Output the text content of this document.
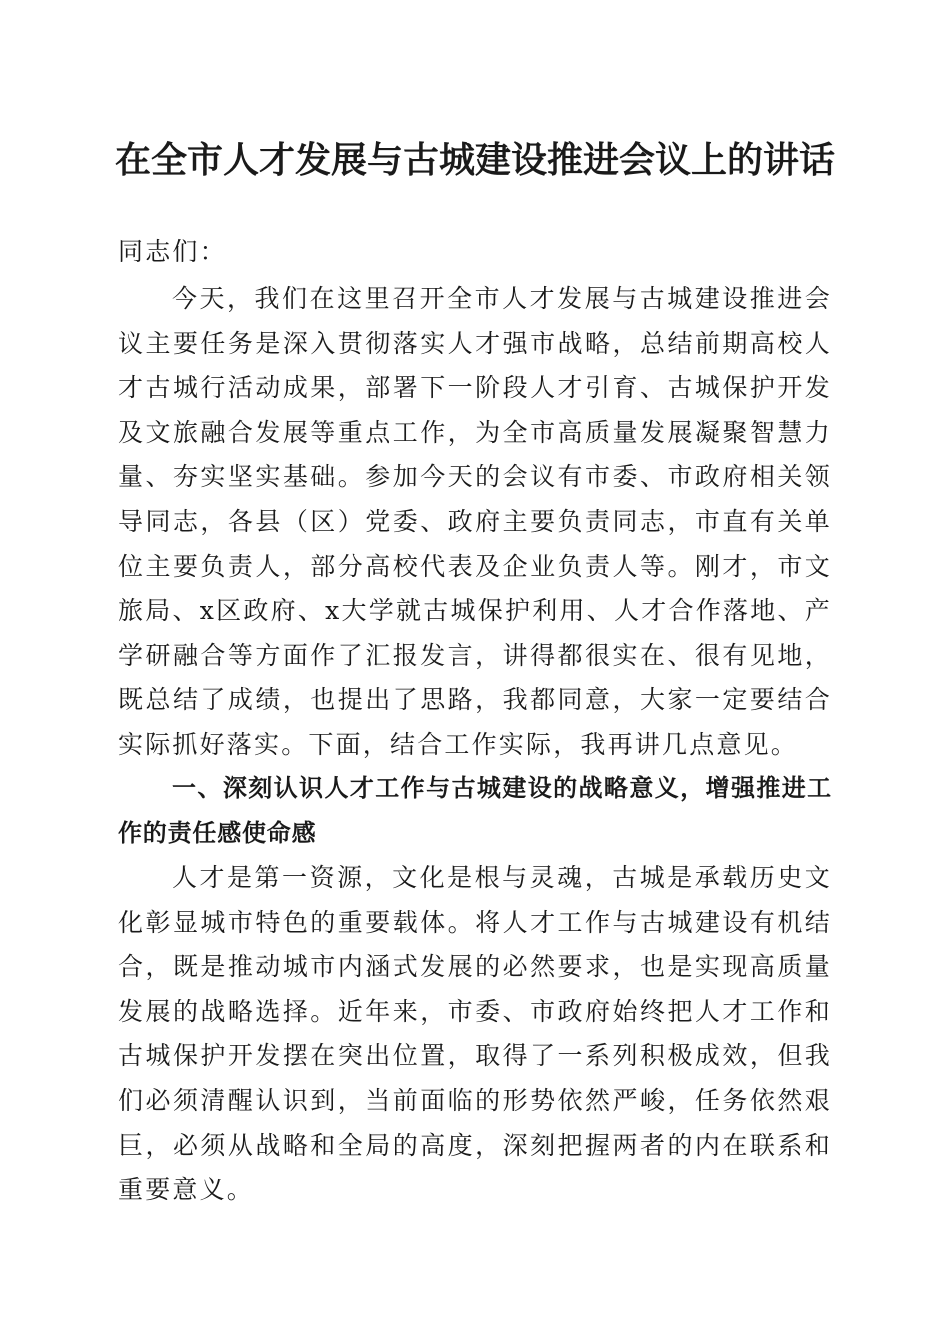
在全市人才发展与古城建设推进会议上的讲话
同志们：
今天，我们在这里召开全市人才发展与古城建设推进会议主要任务是深入贯彻落实人才强市战略，总结前期高校人才古城行活动成果，部署下一阶段人才引育、古城保护开发及文旅融合发展等重点工作，为全市高质量发展凝聚智慧力量、夯实坚实基础。参加今天的会议有市委、市政府相关领导同志，各县（区）党委、政府主要负责同志，市直有关单位主要负责人，部分高校代表及企业负责人等。刚才，市文旅局、x区政府、x大学就古城保护利用、人才合作落地、产学研融合等方面作了汇报发言，讲得都很实在、很有见地，既总结了成绩，也提出了思路，我都同意，大家一定要结合实际抓好落实。下面，结合工作实际，我再讲几点意见。
一、深刻认识人才工作与古城建设的战略意义，增强推进工作的责任感使命感
人才是第一资源，文化是根与灵魂，古城是承载历史文化彰显城市特色的重要载体。将人才工作与古城建设有机结合，既是推动城市内涵式发展的必然要求，也是实现高质量发展的战略选择。近年来，市委、市政府始终把人才工作和古城保护开发摆在突出位置，取得了一系列积极成效，但我们必须清醒认识到，当前面临的形势依然严峻，任务依然艰巨，必须从战略和全局的高度，深刻把握两者的内在联系和重要意义。
